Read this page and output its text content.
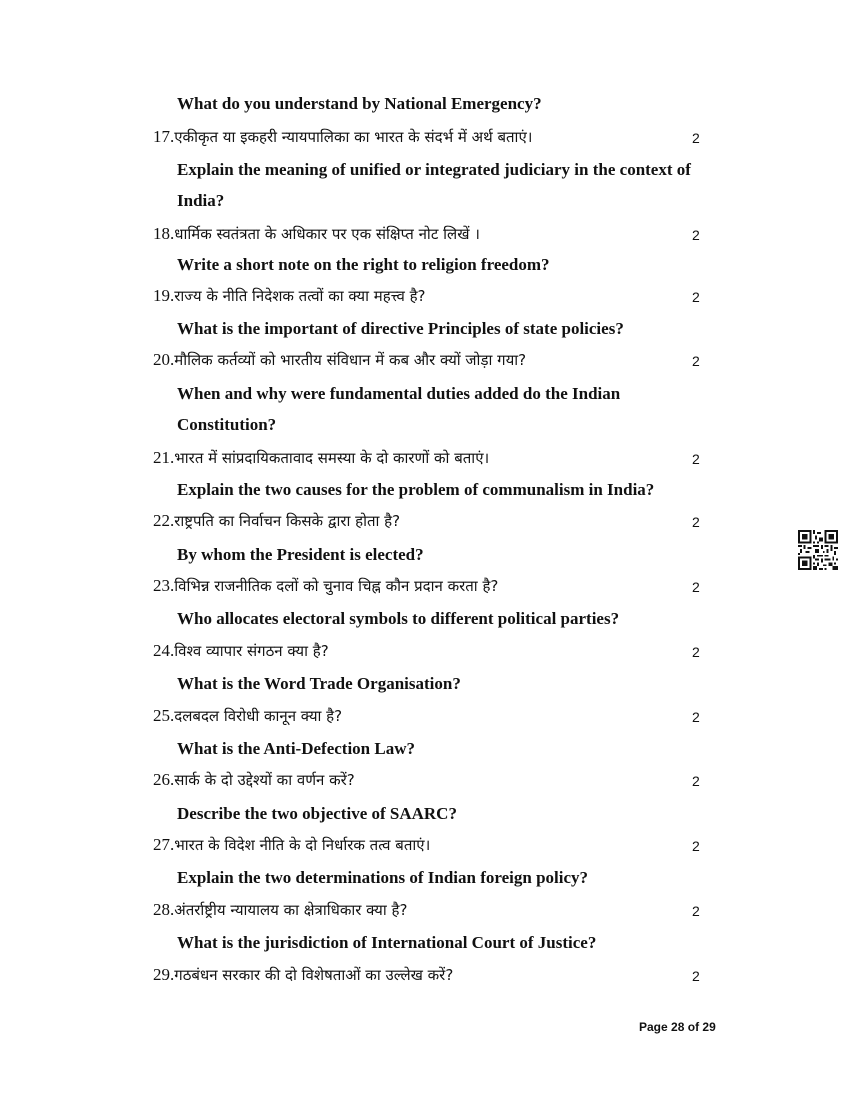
What do you understand by National Emergency?
17.एकीकृत या इकहरी न्यायपालिका का भारत के संदर्भ में अर्थ बताएं।	2
Explain the meaning of unified or integrated judiciary in the context of
India?
18.धार्मिक स्वतंत्रता के अधिकार पर एक संक्षिप्त नोट लिखें ।	2
Write a short note on the right to religion freedom?
19.राज्य के नीति निदेशक तत्वों का क्या महत्त्व है?	2
What is the important of directive Principles of state policies?
20.मौलिक कर्तव्यों को भारतीय संविधान में कब और क्यों जोड़ा गया?	2
When and why were fundamental duties added do the Indian
Constitution?
21.भारत में सांप्रदायिकतावाद समस्या के दो कारणों को बताएं।	2
Explain the two causes for the problem of communalism in India?
22.राष्ट्रपति का निर्वाचन किसके द्वारा होता है?	2
By whom the President is elected?
23.विभिन्न राजनीतिक दलों को चुनाव चिह्न कौन प्रदान करता है?	2
Who allocates electoral symbols to different political parties?
24.विश्व व्यापार संगठन क्या है?	2
What is the Word Trade Organisation?
25.दलबदल विरोधी कानून क्या है?	2
What is the Anti-Defection Law?
26.सार्क के दो उद्देश्यों का वर्णन करें?	2
Describe the two objective of SAARC?
27.भारत के विदेश नीति के दो निर्धारक तत्व बताएं।	2
Explain the two determinations of Indian foreign policy?
28.अंतर्राष्ट्रीय न्यायालय का क्षेत्राधिकार क्या है?	2
What is the jurisdiction of International Court of Justice?
29.गठबंधन सरकार की दो विशेषताओं का उल्लेख करें?	2
Page 28 of 29
